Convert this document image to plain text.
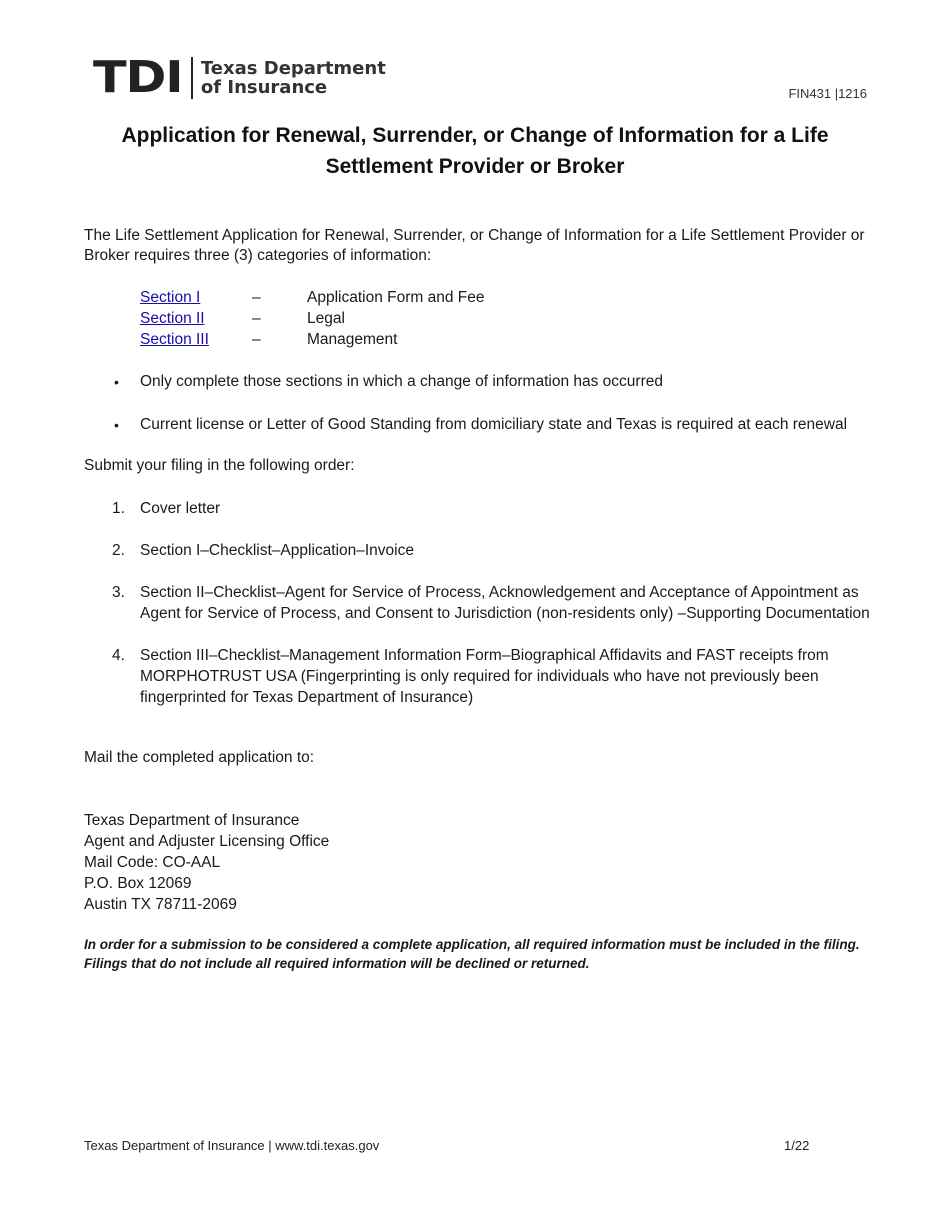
TDI Texas Department
of Insurance	FIN431 |1216
Application for Renewal, Surrender, or Change of Information for a Life
Settlement Provider or Broker
The Life Settlement Application for Renewal, Surrender, or Change of Information for a Life Settlement Provider or Broker requires three (3) categories of information:
Section I	–	Application Form and Fee
Section II	–	Legal
Section III	–	Management
•	Only complete those sections in which a change of information has occurred
•	Current license or Letter of Good Standing from domiciliary state and Texas is required at each renewal
Submit your filing in the following order:
1. Cover letter
2. Section I–Checklist–Application–Invoice
3. Section II–Checklist–Agent for Service of Process, Acknowledgement and Acceptance of Appointment as Agent for Service of Process, and Consent to Jurisdiction (non-residents only) –Supporting Documentation
4. Section III–Checklist–Management Information Form–Biographical Affidavits and FAST receipts from MORPHOTRUST USA (Fingerprinting is only required for individuals who have not previously been fingerprinted for Texas Department of Insurance)
Mail the completed application to:
Texas Department of Insurance
Agent and Adjuster Licensing Office
Mail Code: CO-AAL
P.O. Box 12069
Austin TX 78711-2069
In order for a submission to be considered a complete application, all required information must be included in the filing.
Filings that do not include all required information will be declined or returned.
Texas Department of Insurance | www.tdi.texas.gov	1/22
